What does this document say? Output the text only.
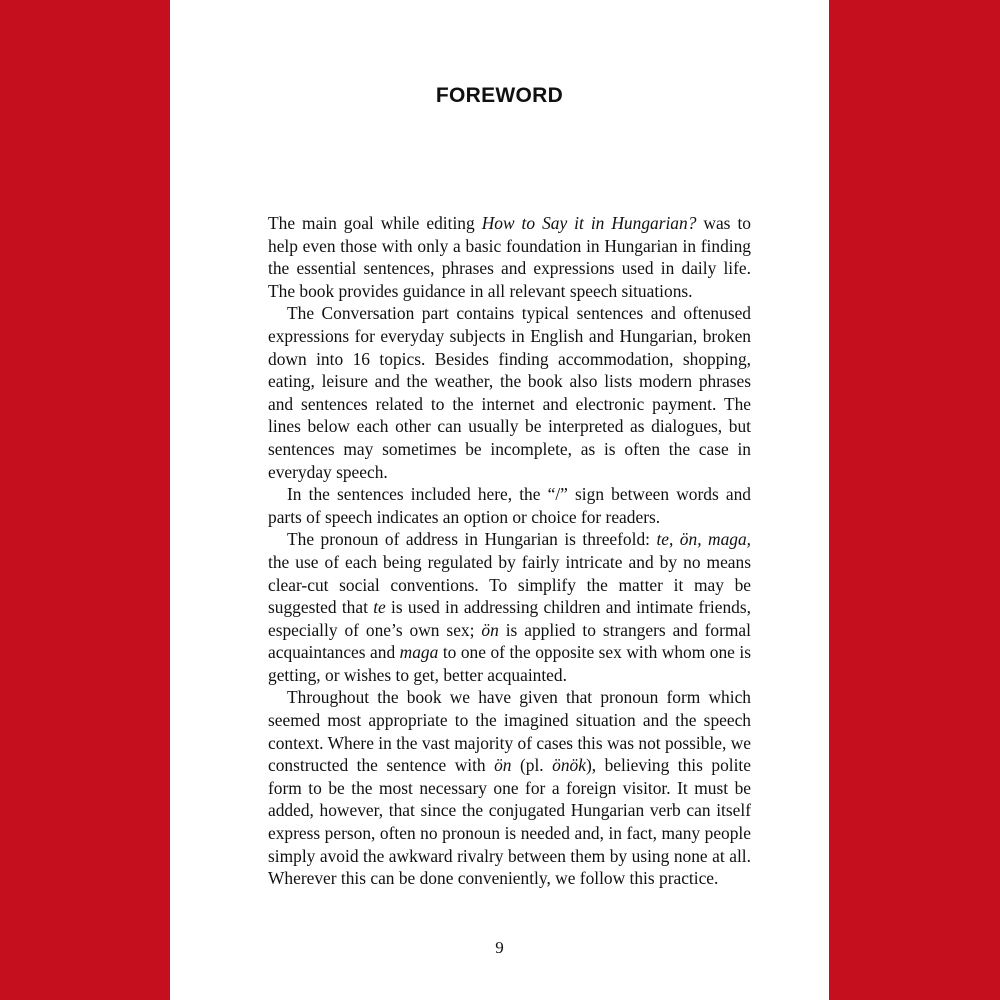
FOREWORD

The main goal while editing How to Say it in Hungarian? was to help even those with only a basic foundation in Hungarian in finding the essential sentences, phrases and expressions used in daily life. The book provides guidance in all relevant speech situations.

The Conversation part contains typical sentences and oftenused expressions for everyday subjects in English and Hungarian, broken down into 16 topics. Besides finding accommodation, shopping, eating, leisure and the weather, the book also lists modern phrases and sentences related to the internet and electronic payment. The lines below each other can usually be interpreted as dialogues, but sentences may sometimes be incomplete, as is often the case in everyday speech.

In the sentences included here, the “/” sign between words and parts of speech indicates an option or choice for readers.

The pronoun of address in Hungarian is threefold: te, ön, maga, the use of each being regulated by fairly intricate and by no means clear-cut social conventions. To simplify the matter it may be suggested that te is used in addressing children and intimate friends, especially of one’s own sex; ön is applied to strangers and formal acquaintances and maga to one of the opposite sex with whom one is getting, or wishes to get, better acquainted.

Throughout the book we have given that pronoun form which seemed most appropriate to the imagined situation and the speech context. Where in the vast majority of cases this was not possible, we constructed the sentence with ön (pl. önök), believing this polite form to be the most necessary one for a foreign visitor. It must be added, however, that since the conjugated Hungarian verb can itself express person, often no pronoun is needed and, in fact, many people simply avoid the awkward rivalry between them by using none at all. Wherever this can be done conveniently, we follow this practice.

9
